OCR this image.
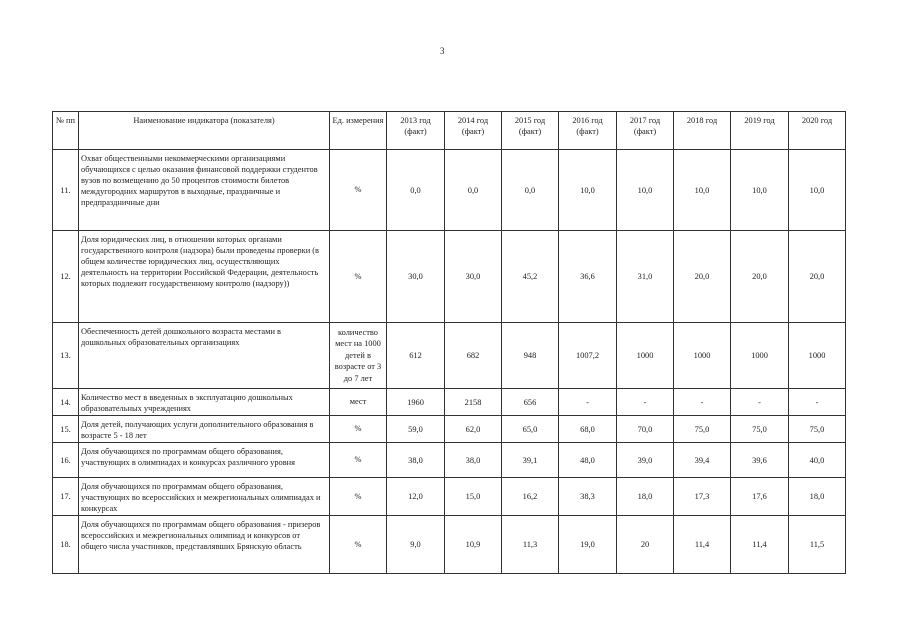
3
№ пп	Наименование индикатора (показателя)	Ед. измерения	2013 год (факт)	2014 год (факт)	2015 год (факт)	2016 год (факт)	2017 год (факт)	2018 год	2019 год	2020 год
11.	Охват общественными некоммерческими организациями обучающихся с целью оказания финансовой поддержки студентов вузов по возмещению до 50 процентов стоимости билетов междугородних маршрутов в выходные, праздничные и предпраздничные дни	%	0,0	0,0	0,0	10,0	10,0	10,0	10,0	10,0
12.	Доля юридических лиц, в отношении которых органами государственного контроля (надзора) были проведены проверки (в общем количестве юридических лиц, осуществляющих деятельность на территории Российской Федерации, деятельность которых подлежит государственному контролю (надзору))	%	30,0	30,0	45,2	36,6	31,0	20,0	20,0	20,0
13.	Обеспеченность детей дошкольного возраста местами в дошкольных образовательных организациях	количество мест на 1000 детей в возрасте от 3 до 7 лет	612	682	948	1007,2	1000	1000	1000	1000
14.	Количество мест в введенных в эксплуатацию дошкольных образовательных учреждениях	мест	1960	2158	656	-	-	-	-	-
15.	Доля детей, получающих услуги дополнительного образования в возрасте 5 - 18 лет	%	59,0	62,0	65,0	68,0	70,0	75,0	75,0	75,0
16.	Доля обучающихся по программам общего образования, участвующих в олимпиадах и конкурсах различного уровня	%	38,0	38,0	39,1	48,0	39,0	39,4	39,6	40,0
17.	Доля обучающихся по программам общего образования, участвующих во всероссийских и межрегиональных олимпиадах и конкурсах	%	12,0	15,0	16,2	38,3	18,0	17,3	17,6	18,0
18.	Доля обучающихся по программам общего образования - призеров всероссийских и межрегиональных олимпиад и конкурсов от общего числа участников, представлявших Брянскую область	%	9,0	10,9	11,3	19,0	20	11,4	11,4	11,5
